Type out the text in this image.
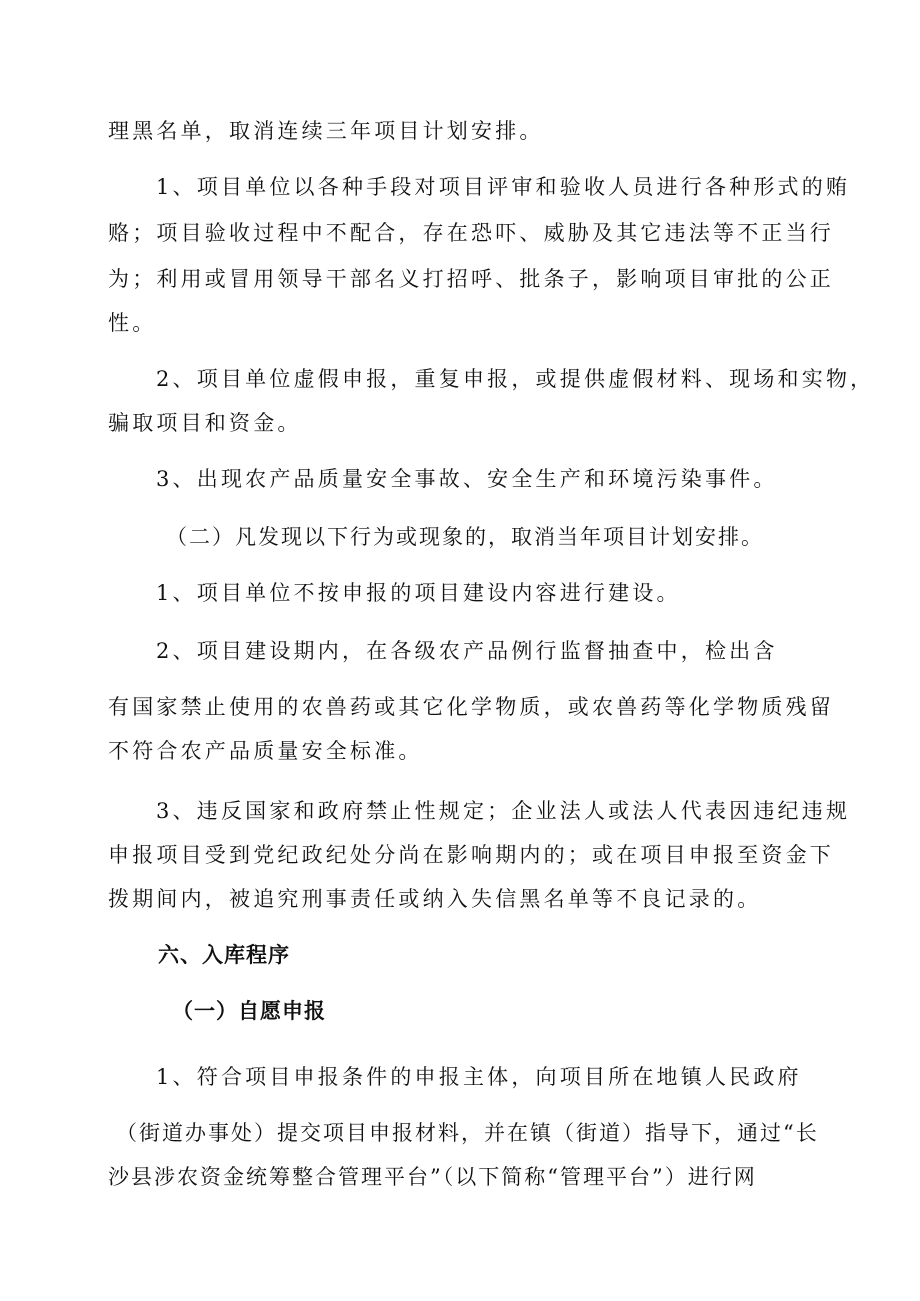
理黑名单，取消连续三年项目计划安排。
1、项目单位以各种手段对项目评审和验收人员进行各种形式的贿
赂；项目验收过程中不配合，存在恐吓、威胁及其它违法等不正当行
为；利用或冒用领导干部名义打招呼、批条子，影响项目审批的公正
性。
2、项目单位虚假申报，重复申报，或提供虚假材料、现场和实物，
骗取项目和资金。
3、出现农产品质量安全事故、安全生产和环境污染事件。
（二）凡发现以下行为或现象的，取消当年项目计划安排。
1、项目单位不按申报的项目建设内容进行建设。
2、项目建设期内，在各级农产品例行监督抽查中，检出含
有国家禁止使用的农兽药或其它化学物质，或农兽药等化学物质残留
不符合农产品质量安全标准。
3、违反国家和政府禁止性规定；企业法人或法人代表因违纪违规
申报项目受到党纪政纪处分尚在影响期内的；或在项目申报至资金下
拨期间内，被追究刑事责任或纳入失信黑名单等不良记录的。
六、入库程序
（一）自愿申报
1、符合项目申报条件的申报主体，向项目所在地镇人民政府
（街道办事处）提交项目申报材料，并在镇（街道）指导下，通过“长
沙县涉农资金统筹整合管理平台”（以下简称“管理平台”）进行网
